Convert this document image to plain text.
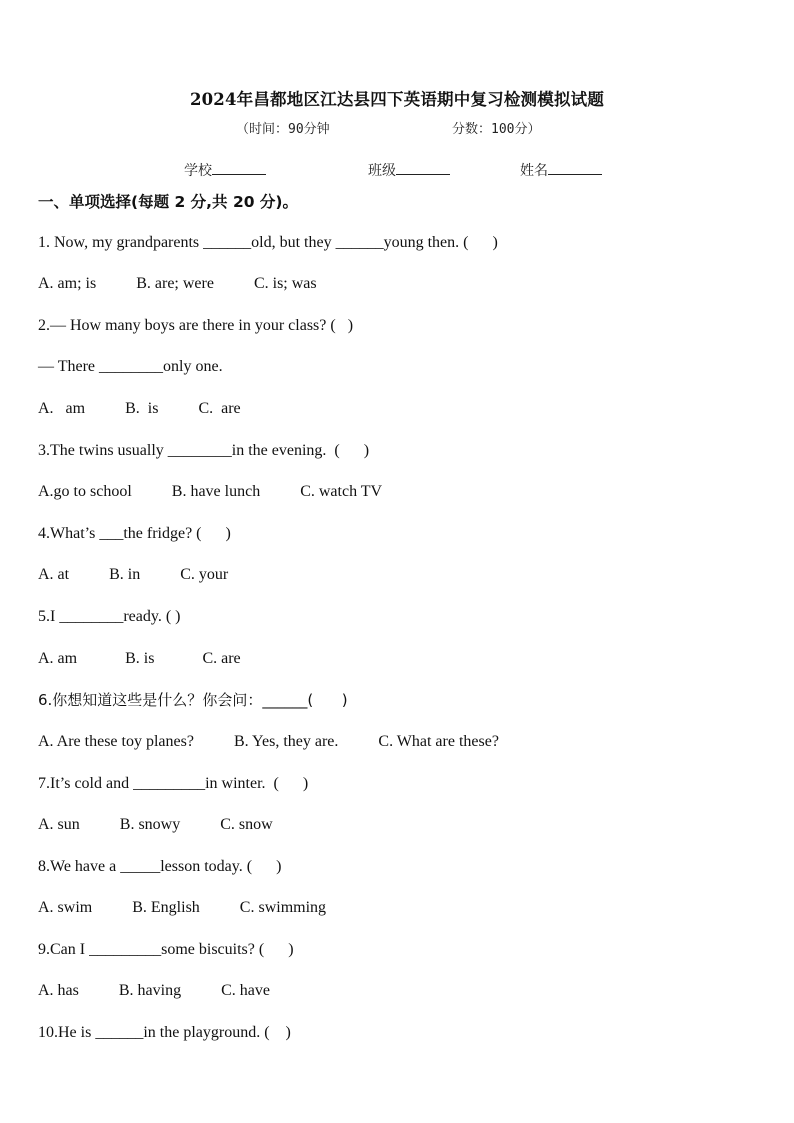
2024年昌都地区江达县四下英语期中复习检测模拟试题
（时间：90分钟	分数：100分）
学校	班级	姓名
一、单项选择(每题 2 分,共 20 分)。
1. Now, my grandparents ______old, but they ______young then. (      )
A. am; is          B. are; were          C. is; was
2.— How many boys are there in your class? (   )
— There ________only one.
A.   am          B.  is          C.  are
3.The twins usually ________in the evening.  (      )
A.go to school          B. have lunch          C. watch TV
4.What’s ___the fridge? (      )
A. at          B. in          C. your
5.I ________ready. ( )
A. am            B. is            C. are
6.你想知道这些是什么？你会问：______(      )
A. Are these toy planes?          B. Yes, they are.          C. What are these?
7.It’s cold and _________in winter.  (      )
A. sun          B. snowy          C. snow
8.We have a _____lesson today. (      )
A. swim          B. English          C. swimming
9.Can I _________some biscuits? (      )
A. has          B. having          C. have
10.He is ______in the playground. (    )
